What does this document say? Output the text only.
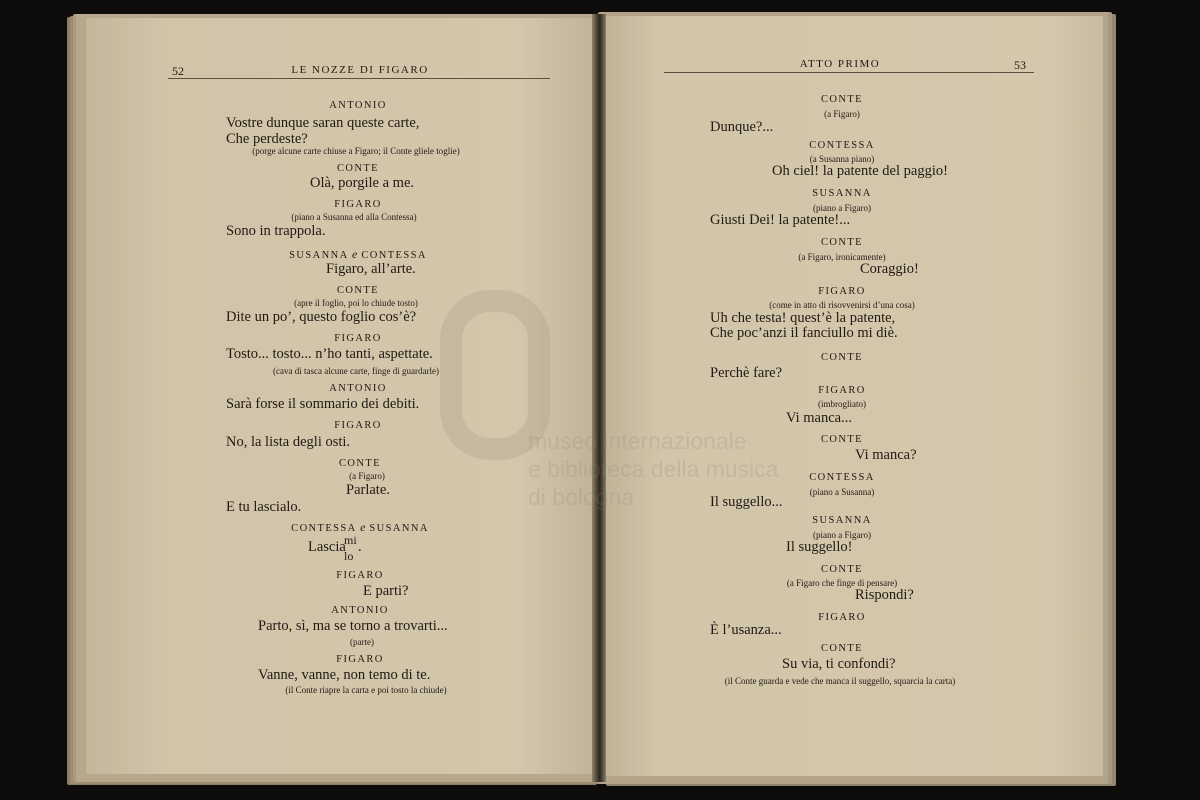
museo internazionale
e biblioteca della musica
di bologna
52	LE NOZZE DI FIGARO
ANTONIO
Vostre dunque saran queste carte,
Che perdeste?
(porge alcune carte chiuse a Figaro; il Conte gliele toglie)
CONTE
Olà, porgile a me.
FIGARO
(piano a Susanna ed alla Contessa)
Sono in trappola.
SUSANNA e CONTESSA
Figaro, all’arte.
CONTE
(apre il foglio, poi lo chiude tosto)
Dite un po’, questo foglio cos’è?
FIGARO
Tosto... tosto... n’ho tanti, aspettate.
(cava di tasca alcune carte, finge di guardarle)
ANTONIO
Sarà forse il sommario dei debiti.
FIGARO
No, la lista degli osti.
CONTE
(a Figaro)
Parlate.
E tu lascialo.
CONTESSA e SUSANNA
Lascia
mi
lo
.
FIGARO
E parti?
ANTONIO
Parto, sì, ma se torno a trovarti...
(parte)
FIGARO
Vanne, vanne, non temo di te.
(il Conte riapre la carta e poi tosto la chiude)
ATTO PRIMO	53
CONTE
(a Figaro)
Dunque?...
CONTESSA
(a Susanna piano)
Oh ciel! la patente del paggio!
SUSANNA
(piano a Figaro)
Giusti Dei! la patente!...
CONTE
(a Figaro, ironicamente)
Coraggio!
FIGARO
(come in atto di risovvenirsi d’una cosa)
Uh che testa! quest’è la patente,
Che poc’anzi il fanciullo mi diè.
CONTE
Perchè fare?
FIGARO
(imbrogliato)
Vi manca...
CONTE
Vi manca?
CONTESSA
(piano a Susanna)
Il suggello...
SUSANNA
(piano a Figaro)
Il suggello!
CONTE
(a Figaro che finge di pensare)
Rispondi?
FIGARO
È l’usanza...
CONTE
Su via, ti confondi?
(il Conte guarda e vede che manca il suggello, squarcia la carta)
